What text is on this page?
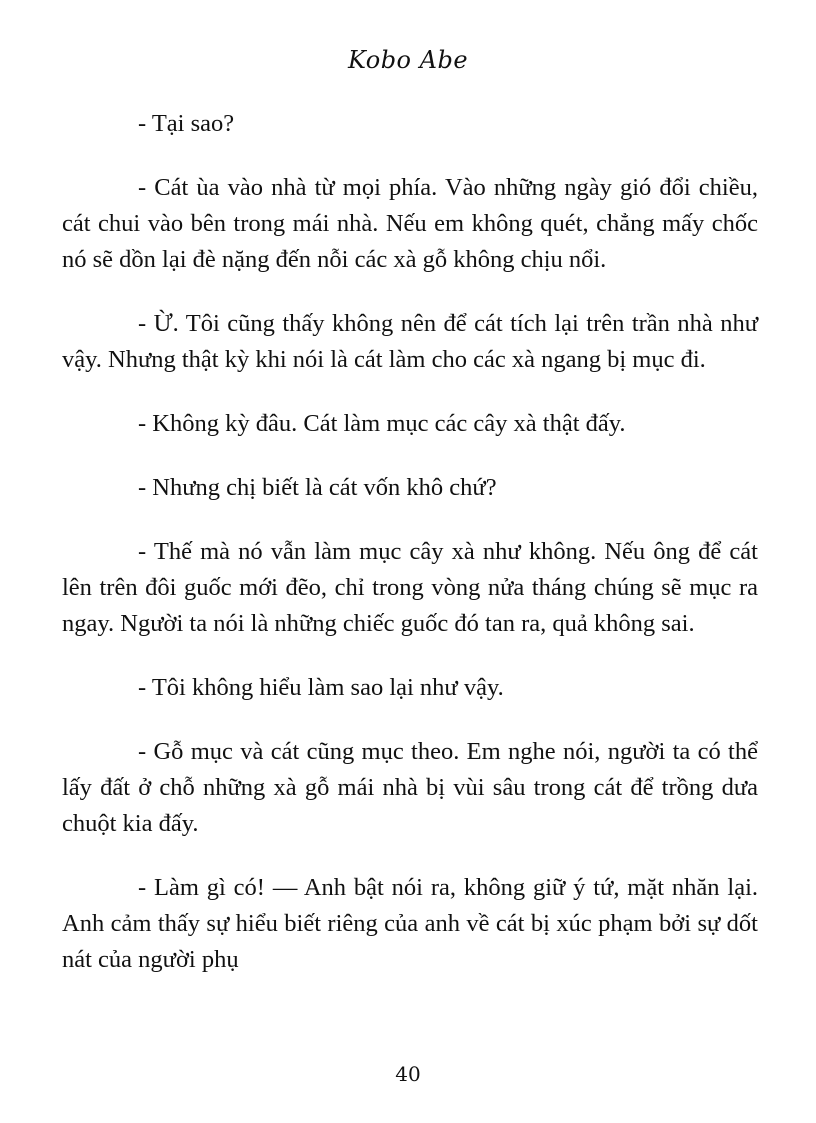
Kobo Abe

- Tại sao?

- Cát ùa vào nhà từ mọi phía. Vào những ngày gió đổi chiều, cát chui vào bên trong mái nhà. Nếu em không quét, chẳng mấy chốc nó sẽ dồn lại đè nặng đến nỗi các xà gỗ không chịu nổi.

- Ừ. Tôi cũng thấy không nên để cát tích lại trên trần nhà như vậy. Nhưng thật kỳ khi nói là cát làm cho các xà ngang bị mục đi.

- Không kỳ đâu. Cát làm mục các cây xà thật đấy.

- Nhưng chị biết là cát vốn khô chứ?

- Thế mà nó vẫn làm mục cây xà như không. Nếu ông để cát lên trên đôi guốc mới đẽo, chỉ trong vòng nửa tháng chúng sẽ mục ra ngay. Người ta nói là những chiếc guốc đó tan ra, quả không sai.

- Tôi không hiểu làm sao lại như vậy.

- Gỗ mục và cát cũng mục theo. Em nghe nói, người ta có thể lấy đất ở chỗ những xà gỗ mái nhà bị vùi sâu trong cát để trồng dưa chuột kia đấy.

- Làm gì có! — Anh bật nói ra, không giữ ý tứ, mặt nhăn lại. Anh cảm thấy sự hiểu biết riêng của anh về cát bị xúc phạm bởi sự dốt nát của người phụ

40
